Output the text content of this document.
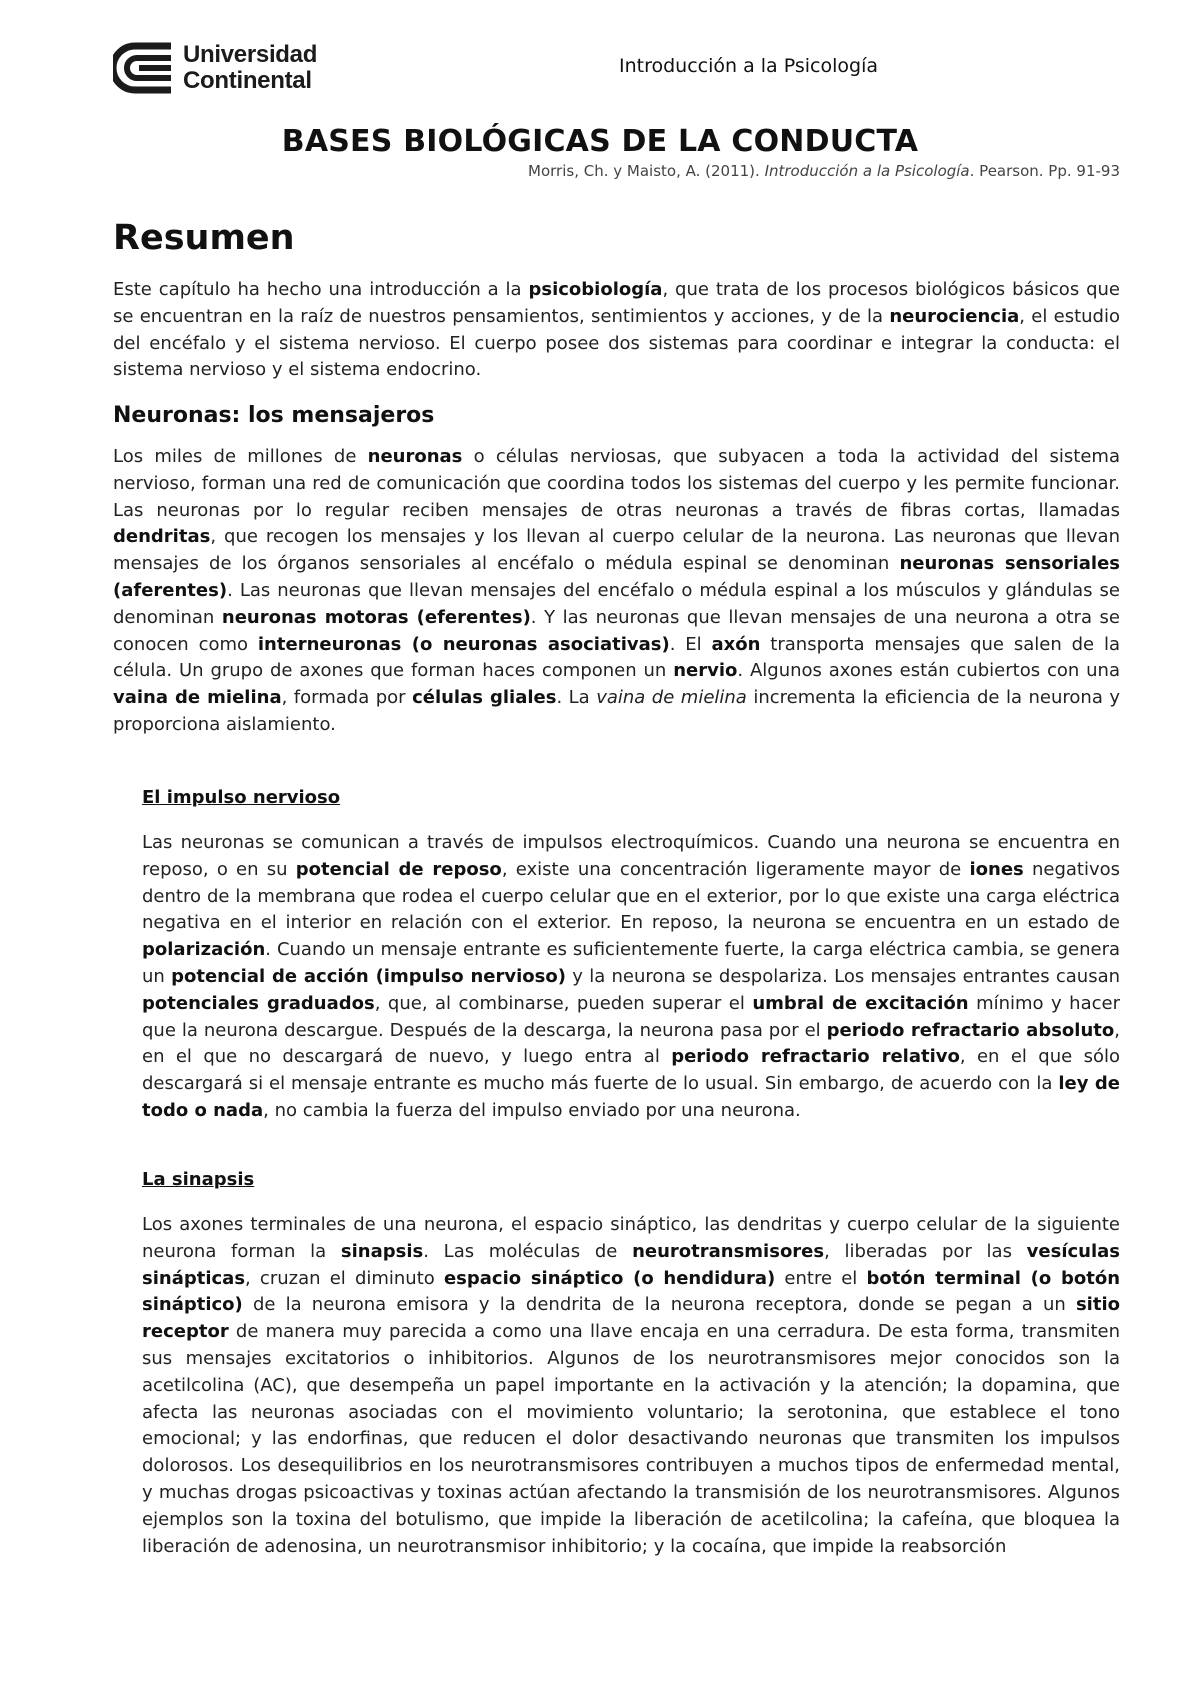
Universidad
Continental
Introducción a la Psicología
BASES BIOLÓGICAS DE LA CONDUCTA
Morris, Ch. y Maisto, A. (2011). Introducción a la Psicología. Pearson. Pp. 91-93
Resumen

Este capítulo ha hecho una introducción a la psicobiología, que trata de los procesos biológicos básicos que se encuentran en la raíz de nuestros pensamientos, sentimientos y acciones, y de la neurociencia, el estudio del encéfalo y el sistema nervioso. El cuerpo posee dos sistemas para coordinar e integrar la conducta: el sistema nervioso y el sistema endocrino.

Neuronas: los mensajeros

Los miles de millones de neuronas o células nerviosas, que subyacen a toda la actividad del sistema nervioso, forman una red de comunicación que coordina todos los sistemas del cuerpo y les permite funcionar. Las neuronas por lo regular reciben mensajes de otras neuronas a través de fibras cortas, llamadas dendritas, que recogen los mensajes y los llevan al cuerpo celular de la neurona. Las neuronas que llevan mensajes de los órganos sensoriales al encéfalo o médula espinal se denominan neuronas sensoriales (aferentes). Las neuronas que llevan mensajes del encéfalo o médula espinal a los músculos y glándulas se denominan neuronas motoras (eferentes). Y las neuronas que llevan mensajes de una neurona a otra se conocen como interneuronas (o neuronas asociativas). El axón transporta mensajes que salen de la célula. Un grupo de axones que forman haces componen un nervio. Algunos axones están cubiertos con una vaina de mielina, formada por células gliales. La vaina de mielina incrementa la eficiencia de la neurona y proporciona aislamiento.

El impulso nervioso

Las neuronas se comunican a través de impulsos electroquímicos. Cuando una neurona se encuentra en reposo, o en su potencial de reposo, existe una concentración ligeramente mayor de iones negativos dentro de la membrana que rodea el cuerpo celular que en el exterior, por lo que existe una carga eléctrica negativa en el interior en relación con el exterior. En reposo, la neurona se encuentra en un estado de polarización. Cuando un mensaje entrante es suficientemente fuerte, la carga eléctrica cambia, se genera un potencial de acción (impulso nervioso) y la neurona se despolariza. Los mensajes entrantes causan potenciales graduados, que, al combinarse, pueden superar el umbral de excitación mínimo y hacer que la neurona descargue. Después de la descarga, la neurona pasa por el periodo refractario absoluto, en el que no descargará de nuevo, y luego entra al periodo refractario relativo, en el que sólo descargará si el mensaje entrante es mucho más fuerte de lo usual. Sin embargo, de acuerdo con la ley de todo o nada, no cambia la fuerza del impulso enviado por una neurona.

La sinapsis

Los axones terminales de una neurona, el espacio sináptico, las dendritas y cuerpo celular de la siguiente neurona forman la sinapsis. Las moléculas de neurotransmisores, liberadas por las vesículas sinápticas, cruzan el diminuto espacio sináptico (o hendidura) entre el botón terminal (o botón sináptico) de la neurona emisora y la dendrita de la neurona receptora, donde se pegan a un sitio receptor de manera muy parecida a como una llave encaja en una cerradura. De esta forma, transmiten sus mensajes excitatorios o inhibitorios. Algunos de los neurotransmisores mejor conocidos son la acetilcolina (AC), que desempeña un papel importante en la activación y la atención; la dopamina, que afecta las neuronas asociadas con el movimiento voluntario; la serotonina, que establece el tono emocional; y las endorfinas, que reducen el dolor desactivando neuronas que transmiten los impulsos dolorosos. Los desequilibrios en los neurotransmisores contribuyen a muchos tipos de enfermedad mental, y muchas drogas psicoactivas y toxinas actúan afectando la transmisión de los neurotransmisores. Algunos ejemplos son la toxina del botulismo, que impide la liberación de acetilcolina; la cafeína, que bloquea la liberación de adenosina, un neurotransmisor inhibitorio; y la cocaína, que impide la reabsorción
